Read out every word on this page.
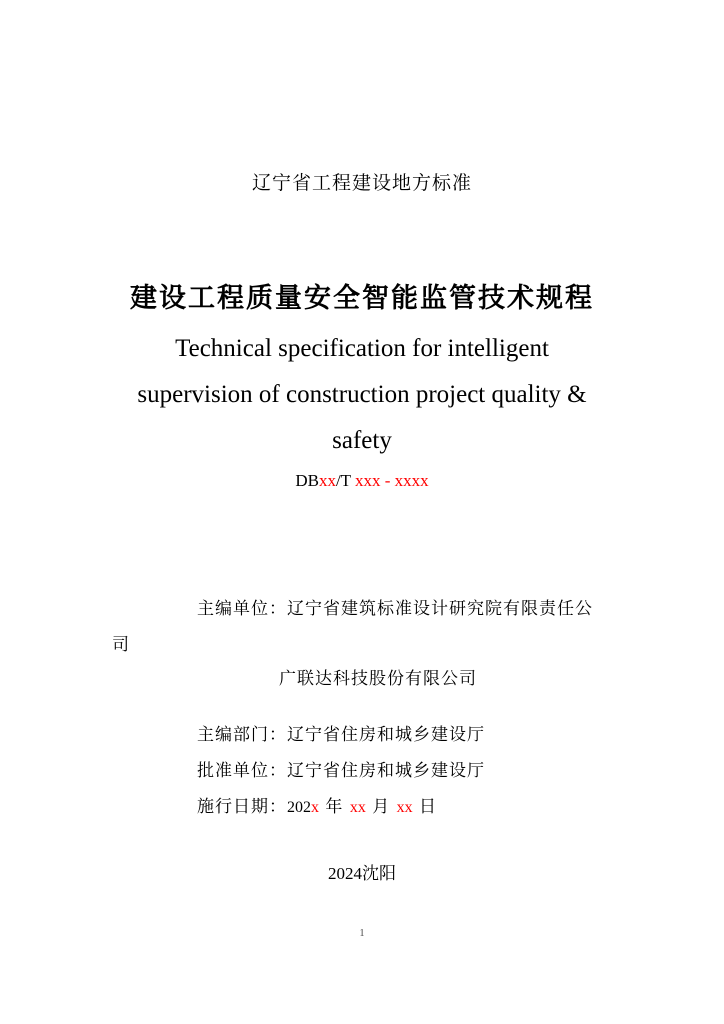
辽宁省工程建设地方标准
建设工程质量安全智能监管技术规程
Technical specification for intelligent
supervision of construction project quality &
safety
DBxx/T xxx - xxxx
主编单位：辽宁省建筑标准设计研究院有限责任公
司
广联达科技股份有限公司
主编部门：辽宁省住房和城乡建设厅
批准单位：辽宁省住房和城乡建设厅
施行日期：202x 年 xx 月 xx 日
2024沈阳
1
